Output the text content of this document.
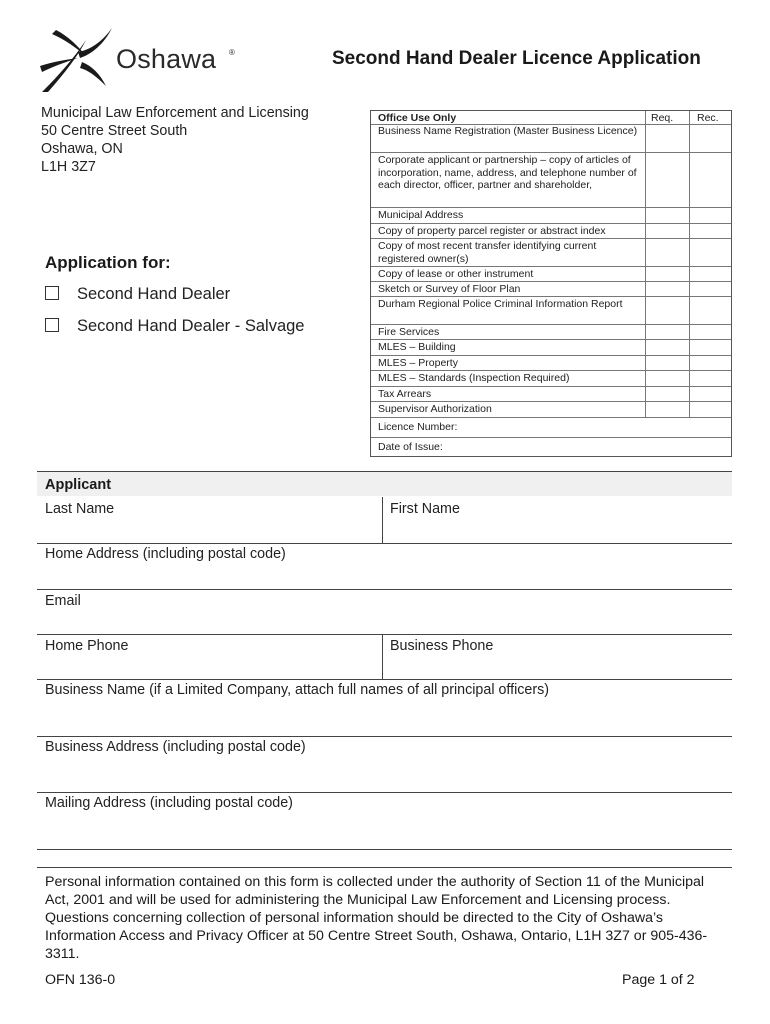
Oshawa ®	Second Hand Dealer Licence Application
Municipal Law Enforcement and Licensing
50 Centre Street South
Oshawa, ON
L1H 3Z7
Application for:
Second Hand Dealer
Second Hand Dealer - Salvage
Office Use Only	Req. Rec.
Business Name Registration (Master Business Licence)
Corporate applicant or partnership – copy of articles of incorporation, name, address, and telephone number of each director, officer, partner and shareholder,
Municipal Address
Copy of property parcel register or abstract index
Copy of most recent transfer identifying current registered owner(s)
Copy of lease or other instrument
Sketch or Survey of Floor Plan
Durham Regional Police Criminal Information Report
Fire Services
MLES – Building
MLES – Property
MLES – Standards (Inspection Required)
Tax Arrears
Supervisor Authorization
Licence Number:
Date of Issue:
Applicant
Last Name	First Name
Home Address (including postal code)
Email
Home Phone	Business Phone
Business Name (if a Limited Company, attach full names of all principal officers)
Business Address (including postal code)
Mailing Address (including postal code)
Personal information contained on this form is collected under the authority of Section 11 of the Municipal Act, 2001 and will be used for administering the Municipal Law Enforcement and Licensing process. Questions concerning collection of personal information should be directed to the City of Oshawa’s Information Access and Privacy Officer at 50 Centre Street South, Oshawa, Ontario, L1H 3Z7 or 905-436-3311.
OFN 136-0	Page 1 of 2
